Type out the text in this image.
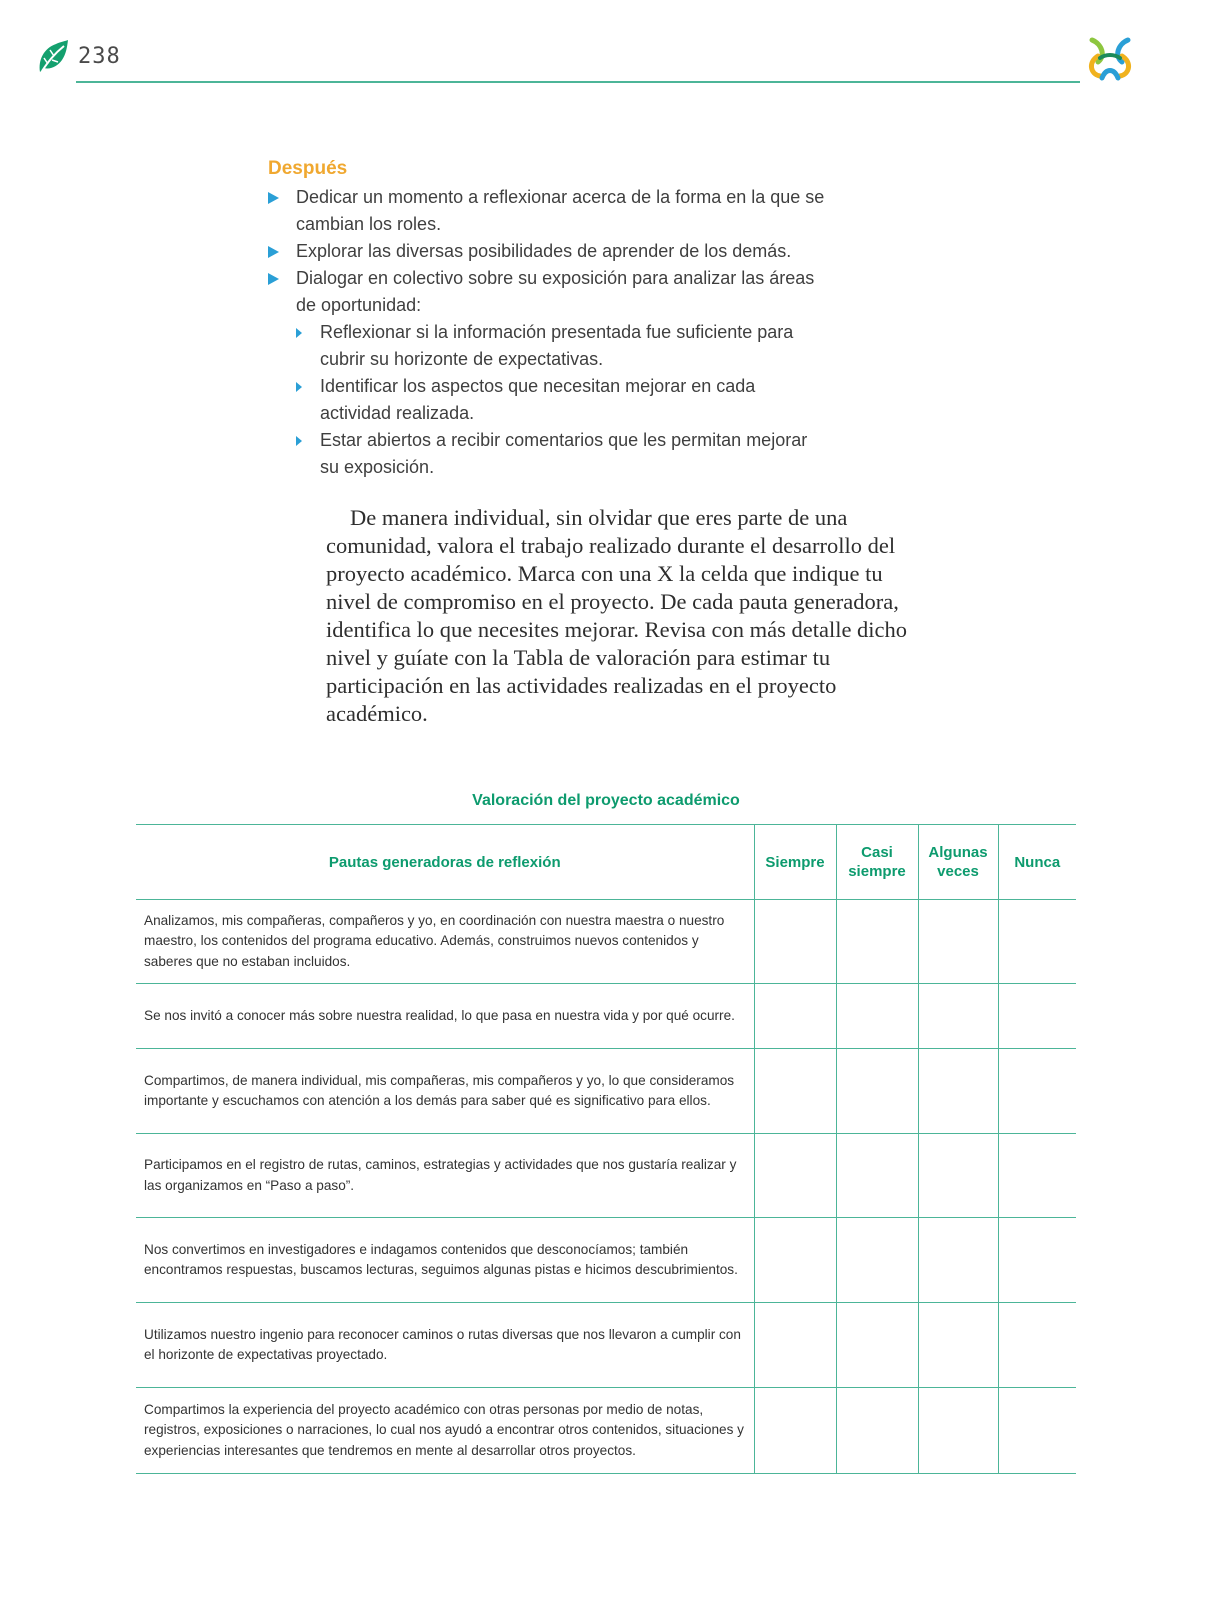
238
Después
Dedicar un momento a reflexionar acerca de la forma en la que se cambian los roles.
Explorar las diversas posibilidades de aprender de los demás.
Dialogar en colectivo sobre su exposición para analizar las áreas de oportunidad:
Reflexionar si la información presentada fue suficiente para cubrir su horizonte de expectativas.
Identificar los aspectos que necesitan mejorar en cada actividad realizada.
Estar abiertos a recibir comentarios que les permitan mejorar su exposición.

De manera individual, sin olvidar que eres parte de una comunidad, valora el trabajo realizado durante el desarrollo del proyecto académico. Marca con una X la celda que indique tu nivel de compromiso en el proyecto. De cada pauta generadora, identifica lo que necesites mejorar. Revisa con más detalle dicho nivel y guíate con la Tabla de valoración para estimar tu participación en las actividades realizadas en el proyecto académico.

Valoración del proyecto académico
Pautas generadoras de reflexión	Siempre	Casi siempre	Algunas veces	Nunca
Analizamos, mis compañeras, compañeros y yo, en coordinación con nuestra maestra o nuestro maestro, los contenidos del programa educativo. Además, construimos nuevos contenidos y saberes que no estaban incluidos.				
Se nos invitó a conocer más sobre nuestra realidad, lo que pasa en nuestra vida y por qué ocurre.				
Compartimos, de manera individual, mis compañeras, mis compañeros y yo, lo que consideramos importante y escuchamos con atención a los demás para saber qué es significativo para ellos.				
Participamos en el registro de rutas, caminos, estrategias y actividades que nos gustaría realizar y las organizamos en “Paso a paso”.				
Nos convertimos en investigadores e indagamos contenidos que desconocíamos; también encontramos respuestas, buscamos lecturas, seguimos algunas pistas e hicimos descubrimientos.				
Utilizamos nuestro ingenio para reconocer caminos o rutas diversas que nos llevaron a cumplir con el horizonte de expectativas proyectado.				
Compartimos la experiencia del proyecto académico con otras personas por medio de notas, registros, exposiciones o narraciones, lo cual nos ayudó a encontrar otros contenidos, situaciones y experiencias interesantes que tendremos en mente al desarrollar otros proyectos.				
